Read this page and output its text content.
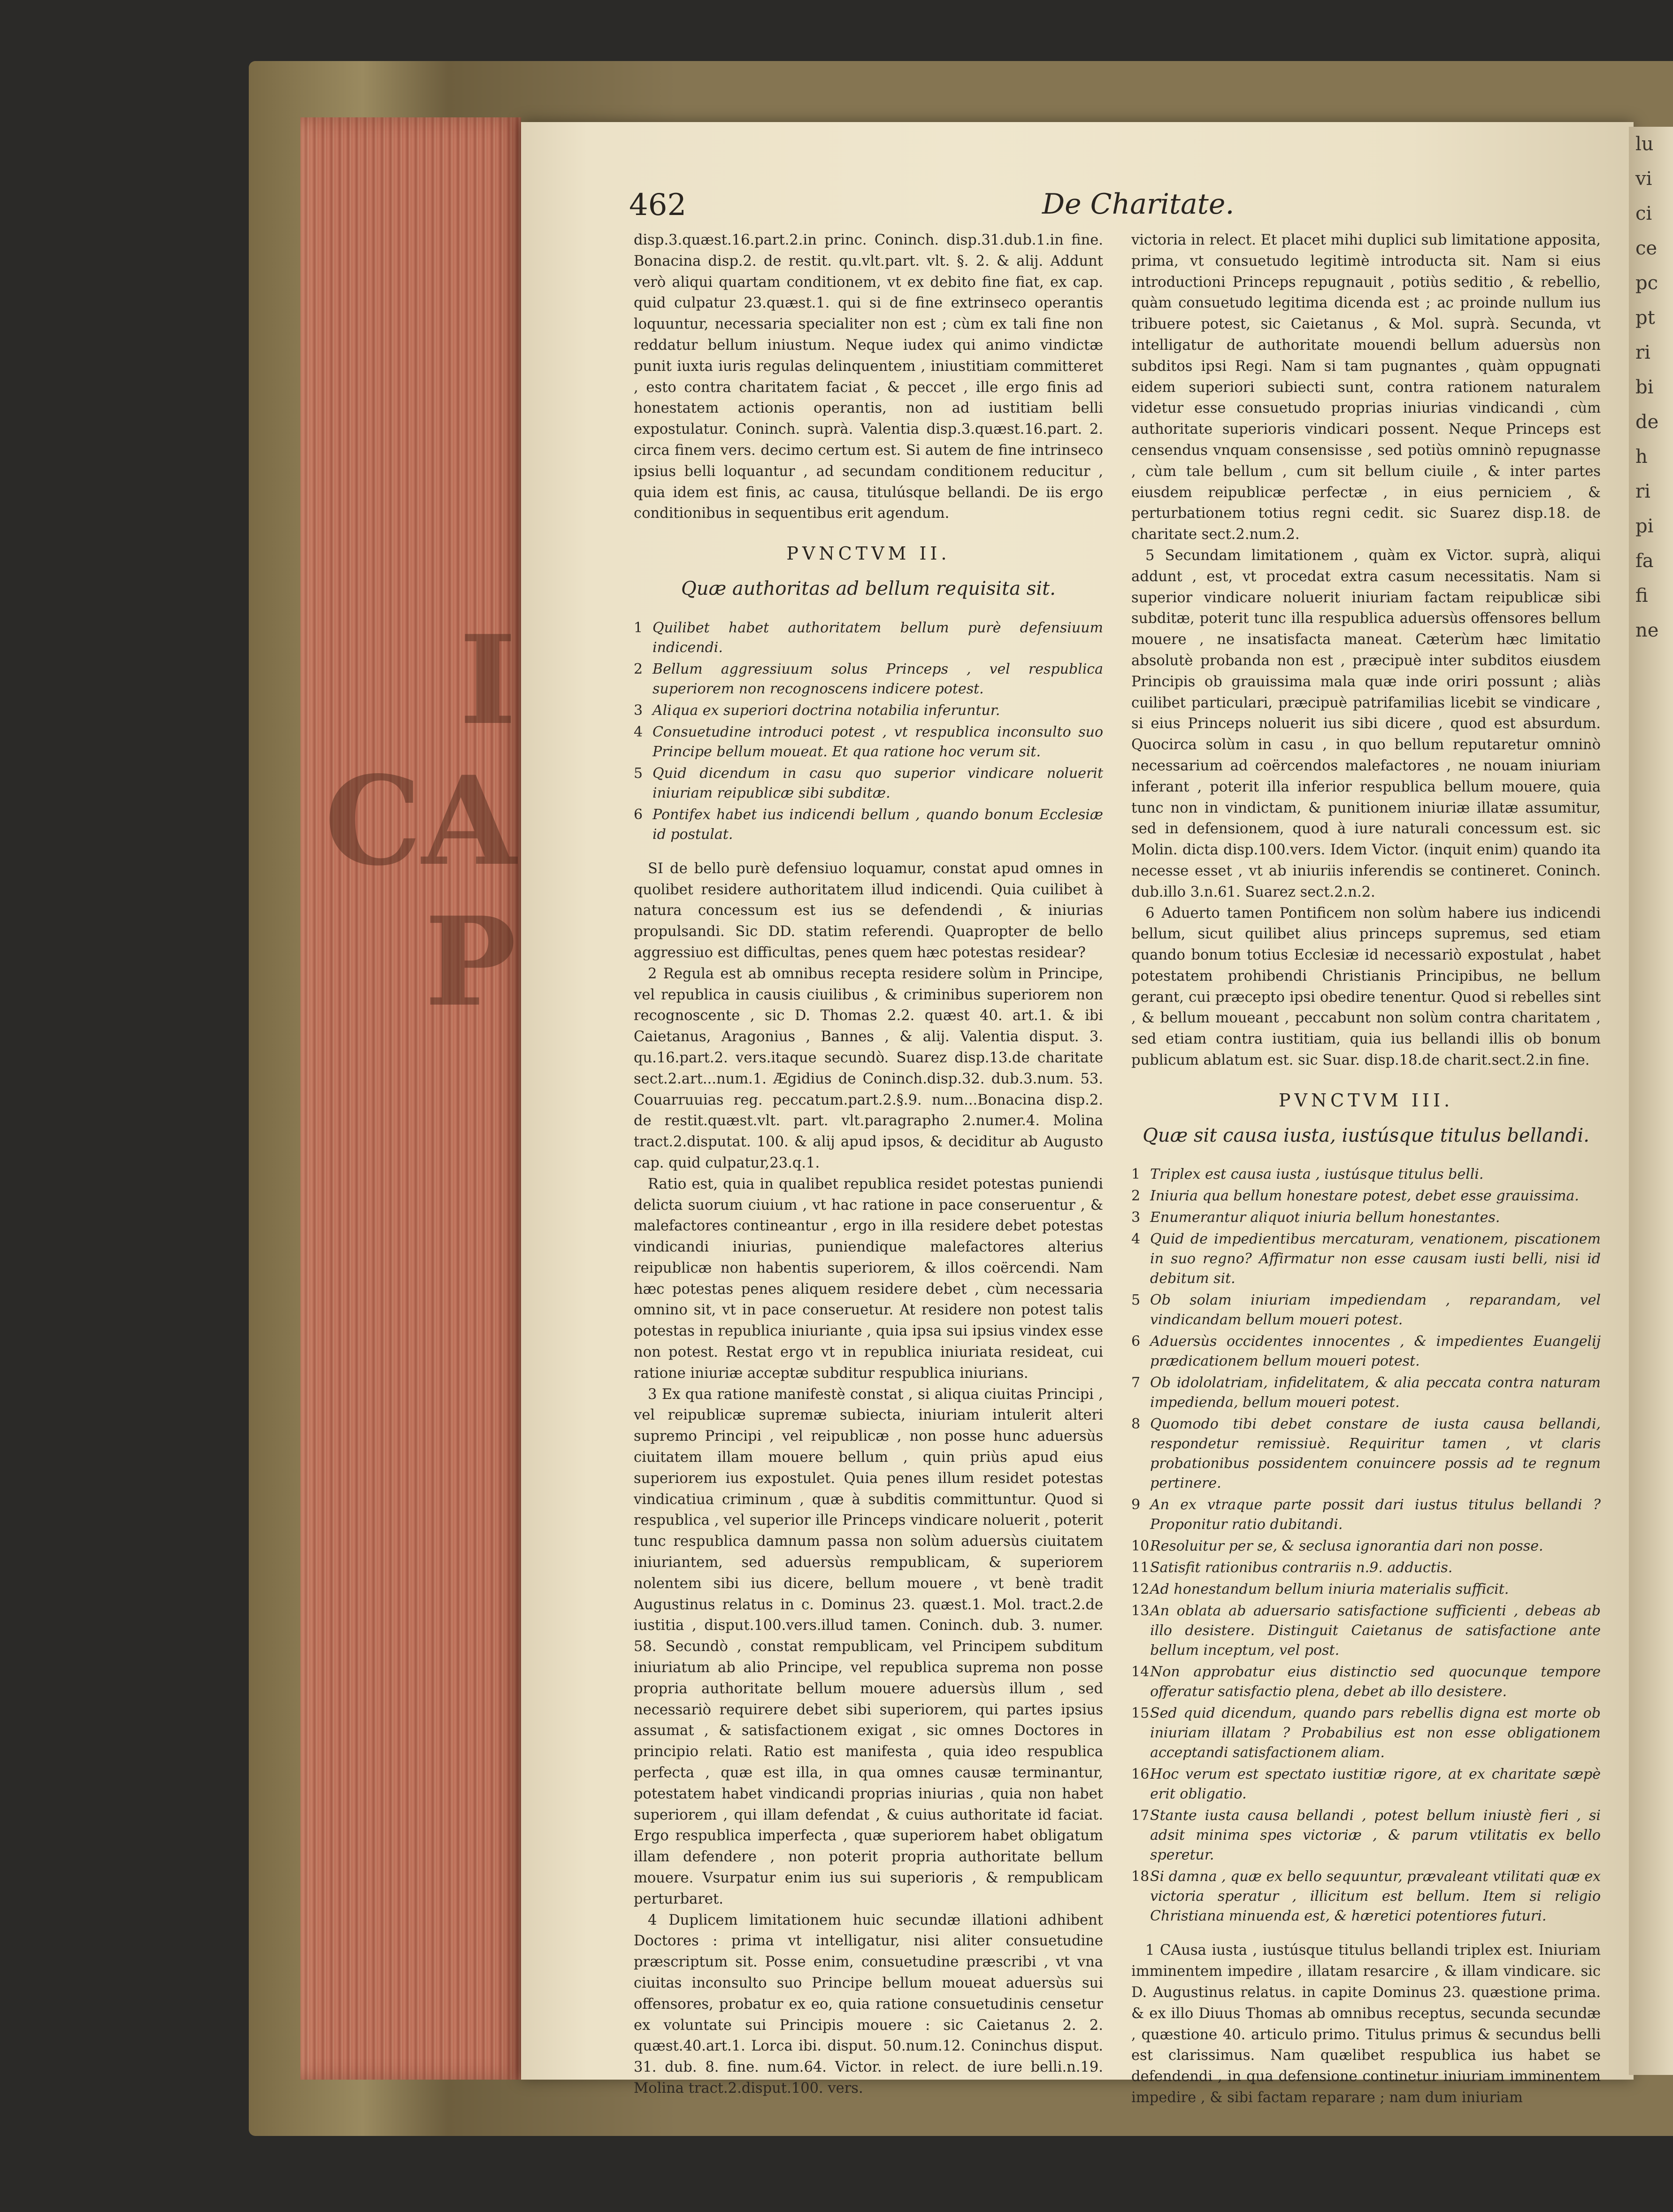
I
CA
P
lu
vi
ci
ce
pc
pt
ri
bi
de
h
ri
pi
fa
fi
ne
462	De Charitate.

disp.3.quæst.16.part.2.in princ. Coninch. disp.31.dub.1.in fine. Bonacina disp.2. de restit. qu.vlt.part. vlt. §. 2. & alij. Addunt verò aliqui quartam conditionem, vt ex debito fine fiat, ex cap. quid culpatur 23.quæst.1. qui si de fine extrinseco operantis loquuntur, necessaria specialiter non est ; cùm ex tali fine non reddatur bellum iniustum. Neque iudex qui animo vindictæ punit iuxta iuris regulas delinquentem , iniustitiam committeret , esto contra charitatem faciat , & peccet , ille ergo finis ad honestatem actionis operantis, non ad iustitiam belli expostulatur. Coninch. suprà. Valentia disp.3.quæst.16.part. 2. circa finem vers. decimo certum est. Si autem de fine intrinseco ipsius belli loquantur , ad secundam conditionem reducitur , quia idem est finis, ac causa, titulúsque bellandi. De iis ergo conditionibus in sequentibus erit agendum.

PVNCTVM II.
Quæ authoritas ad bellum requisita sit.
1 Quilibet habet authoritatem bellum purè defensiuum indicendi.
2 Bellum aggressiuum solus Princeps , vel respublica superiorem non recognoscens indicere potest.
3 Aliqua ex superiori doctrina notabilia inferuntur.
4 Consuetudine introduci potest , vt respublica inconsulto suo Principe bellum moueat. Et qua ratione hoc verum sit.
5 Quid dicendum in casu quo superior vindicare noluerit iniuriam reipublicæ sibi subditæ.
6 Pontifex habet ius indicendi bellum , quando bonum Ecclesiæ id postulat.

SI de bello purè defensiuo loquamur, constat apud omnes in quolibet residere authoritatem illud indicendi. Quia cuilibet à natura concessum est ius se defendendi , & iniurias propulsandi. Sic DD. statim referendi. Quapropter de bello aggressiuo est difficultas, penes quem hæc potestas residear?

2 Regula est ab omnibus recepta residere solùm in Principe, vel republica in causis ciuilibus , & criminibus superiorem non recognoscente , sic D. Thomas 2.2. quæst 40. art.1. & ibi Caietanus, Aragonius , Bannes , & alij. Valentia disput. 3. qu.16.part.2. vers.itaque secundò. Suarez disp.13.de charitate sect.2.art...num.1. Ægidius de Coninch.disp.32. dub.3.num. 53. Couarruuias reg. peccatum.part.2.§.9. num...Bonacina disp.2. de restit.quæst.vlt. part. vlt.paragrapho 2.numer.4. Molina tract.2.disputat. 100. & alij apud ipsos, & deciditur ab Augusto cap. quid culpatur,23.q.1.

Ratio est, quia in qualibet republica residet potestas puniendi delicta suorum ciuium , vt hac ratione in pace conseruentur , & malefactores contineantur , ergo in illa residere debet potestas vindicandi iniurias, puniendique malefactores alterius reipublicæ non habentis superiorem, & illos coërcendi. Nam hæc potestas penes aliquem residere debet , cùm necessaria omnino sit, vt in pace conseruetur. At residere non potest talis potestas in republica iniuriante , quia ipsa sui ipsius vindex esse non potest. Restat ergo vt in republica iniuriata resideat, cui ratione iniuriæ acceptæ subditur respublica iniurians.

3 Ex qua ratione manifestè constat , si aliqua ciuitas Principi , vel reipublicæ supremæ subiecta, iniuriam intulerit alteri supremo Principi , vel reipublicæ , non posse hunc aduersùs ciuitatem illam mouere bellum , quin priùs apud eius superiorem ius expostulet. Quia penes illum residet potestas vindicatiua criminum , quæ à subditis committuntur. Quod si respublica , vel superior ille Princeps vindicare noluerit , poterit tunc respublica damnum passa non solùm aduersùs ciuitatem iniuriantem, sed aduersùs rempublicam, & superiorem nolentem sibi ius dicere, bellum mouere , vt benè tradit Augustinus relatus in c. Dominus 23. quæst.1. Mol. tract.2.de iustitia , disput.100.vers.illud tamen. Coninch. dub. 3. numer. 58. Secundò , constat rempublicam, vel Principem subditum iniuriatum ab alio Principe, vel republica suprema non posse propria authoritate bellum mouere aduersùs illum , sed necessariò requirere debet sibi superiorem, qui partes ipsius assumat , & satisfactionem exigat , sic omnes Doctores in principio relati. Ratio est manifesta , quia ideo respublica perfecta , quæ est illa, in qua omnes causæ terminantur, potestatem habet vindicandi proprias iniurias , quia non habet superiorem , qui illam defendat , & cuius authoritate id faciat. Ergo respublica imperfecta , quæ superiorem habet obligatum illam defendere , non poterit propria authoritate bellum mouere. Vsurpatur enim ius sui superioris , & rempublicam perturbaret.

4 Duplicem limitationem huic secundæ illationi adhibent Doctores : prima vt intelligatur, nisi aliter consuetudine præscriptum sit. Posse enim, consuetudine præscribi , vt vna ciuitas inconsulto suo Principe bellum moueat aduersùs sui offensores, probatur ex eo, quia ratione consuetudinis censetur ex voluntate sui Principis mouere : sic Caietanus 2. 2. quæst.40.art.1. Lorca ibi. disput. 50.num.12. Coninchus disput. 31. dub. 8. fine. num.64. Victor. in relect. de iure belli.n.19. Molina tract.2.disput.100. vers.

victoria in relect. Et placet mihi duplici sub limitatione apposita, prima, vt consuetudo legitimè introducta sit. Nam si eius introductioni Princeps repugnauit , potiùs seditio , & rebellio, quàm consuetudo legitima dicenda est ; ac proinde nullum ius tribuere potest, sic Caietanus , & Mol. suprà. Secunda, vt intelligatur de authoritate mouendi bellum aduersùs non subditos ipsi Regi. Nam si tam pugnantes , quàm oppugnati eidem superiori subiecti sunt, contra rationem naturalem videtur esse consuetudo proprias iniurias vindicandi , cùm authoritate superioris vindicari possent. Neque Princeps est censendus vnquam consensisse , sed potiùs omninò repugnasse , cùm tale bellum , cum sit bellum ciuile , & inter partes eiusdem reipublicæ perfectæ , in eius perniciem , & perturbationem totius regni cedit. sic Suarez disp.18. de charitate sect.2.num.2.

5 Secundam limitationem , quàm ex Victor. suprà, aliqui addunt , est, vt procedat extra casum necessitatis. Nam si superior vindicare noluerit iniuriam factam reipublicæ sibi subditæ, poterit tunc illa respublica aduersùs offensores bellum mouere , ne insatisfacta maneat. Cæterùm hæc limitatio absolutè probanda non est , præcipuè inter subditos eiusdem Principis ob grauissima mala quæ inde oriri possunt ; aliàs cuilibet particulari, præcipuè patrifamilias licebit se vindicare , si eius Princeps noluerit ius sibi dicere , quod est absurdum. Quocirca solùm in casu , in quo bellum reputaretur omninò necessarium ad coërcendos malefactores , ne nouam iniuriam inferant , poterit illa inferior respublica bellum mouere, quia tunc non in vindictam, & punitionem iniuriæ illatæ assumitur, sed in defensionem, quod à iure naturali concessum est. sic Molin. dicta disp.100.vers. Idem Victor. (inquit enim) quando ita necesse esset , vt ab iniuriis inferendis se contineret. Coninch. dub.illo 3.n.61. Suarez sect.2.n.2.

6 Aduerto tamen Pontificem non solùm habere ius indicendi bellum, sicut quilibet alius princeps supremus, sed etiam quando bonum totius Ecclesiæ id necessariò expostulat , habet potestatem prohibendi Christianis Principibus, ne bellum gerant, cui præcepto ipsi obedire tenentur. Quod si rebelles sint , & bellum moueant , peccabunt non solùm contra charitatem , sed etiam contra iustitiam, quia ius bellandi illis ob bonum publicum ablatum est. sic Suar. disp.18.de charit.sect.2.in fine.

PVNCTVM III.
Quæ sit causa iusta, iustúsque titulus bellandi.
1 Triplex est causa iusta , iustúsque titulus belli.
2 Iniuria qua bellum honestare potest, debet esse grauissima.
3 Enumerantur aliquot iniuria bellum honestantes.
4 Quid de impedientibus mercaturam, venationem, piscationem in suo regno? Affirmatur non esse causam iusti belli, nisi id debitum sit.
5 Ob solam iniuriam impediendam , reparandam, vel vindicandam bellum moueri potest.
6 Aduersùs occidentes innocentes , & impedientes Euangelij prædicationem bellum moueri potest.
7 Ob idololatriam, infidelitatem, & alia peccata contra naturam impedienda, bellum moueri potest.
8 Quomodo tibi debet constare de iusta causa bellandi, respondetur remissiuè. Requiritur tamen , vt claris probationibus possidentem conuincere possis ad te regnum pertinere.
9 An ex vtraque parte possit dari iustus titulus bellandi ? Proponitur ratio dubitandi.
10 Resoluitur per se, & seclusa ignorantia dari non posse.
11 Satisfit rationibus contrariis n.9. adductis.
12 Ad honestandum bellum iniuria materialis sufficit.
13 An oblata ab aduersario satisfactione sufficienti , debeas ab illo desistere. Distinguit Caietanus de satisfactione ante bellum inceptum, vel post.
14 Non approbatur eius distinctio sed quocunque tempore offeratur satisfactio plena, debet ab illo desistere.
15 Sed quid dicendum, quando pars rebellis digna est morte ob iniuriam illatam ? Probabilius est non esse obligationem acceptandi satisfactionem aliam.
16 Hoc verum est spectato iustitiæ rigore, at ex charitate sæpè erit obligatio.
17 Stante iusta causa bellandi , potest bellum iniustè fieri , si adsit minima spes victoriæ , & parum vtilitatis ex bello speretur.
18 Si damna , quæ ex bello sequuntur, prævaleant vtilitati quæ ex victoria speratur , illicitum est bellum. Item si religio Christiana minuenda est, & hæretici potentiores futuri.

1 CAusa iusta , iustúsque titulus bellandi triplex est. Iniuriam imminentem impedire , illatam resarcire , & illam vindicare. sic D. Augustinus relatus. in capite Dominus 23. quæstione prima. & ex illo Diuus Thomas ab omnibus receptus, secunda secundæ , quæstione 40. articulo primo. Titulus primus & secundus belli est clarissimus. Nam quælibet respublica ius habet se defendendi , in qua defensione continetur iniuriam imminentem impedire , & sibi factam reparare ; nam dum iniuriam
